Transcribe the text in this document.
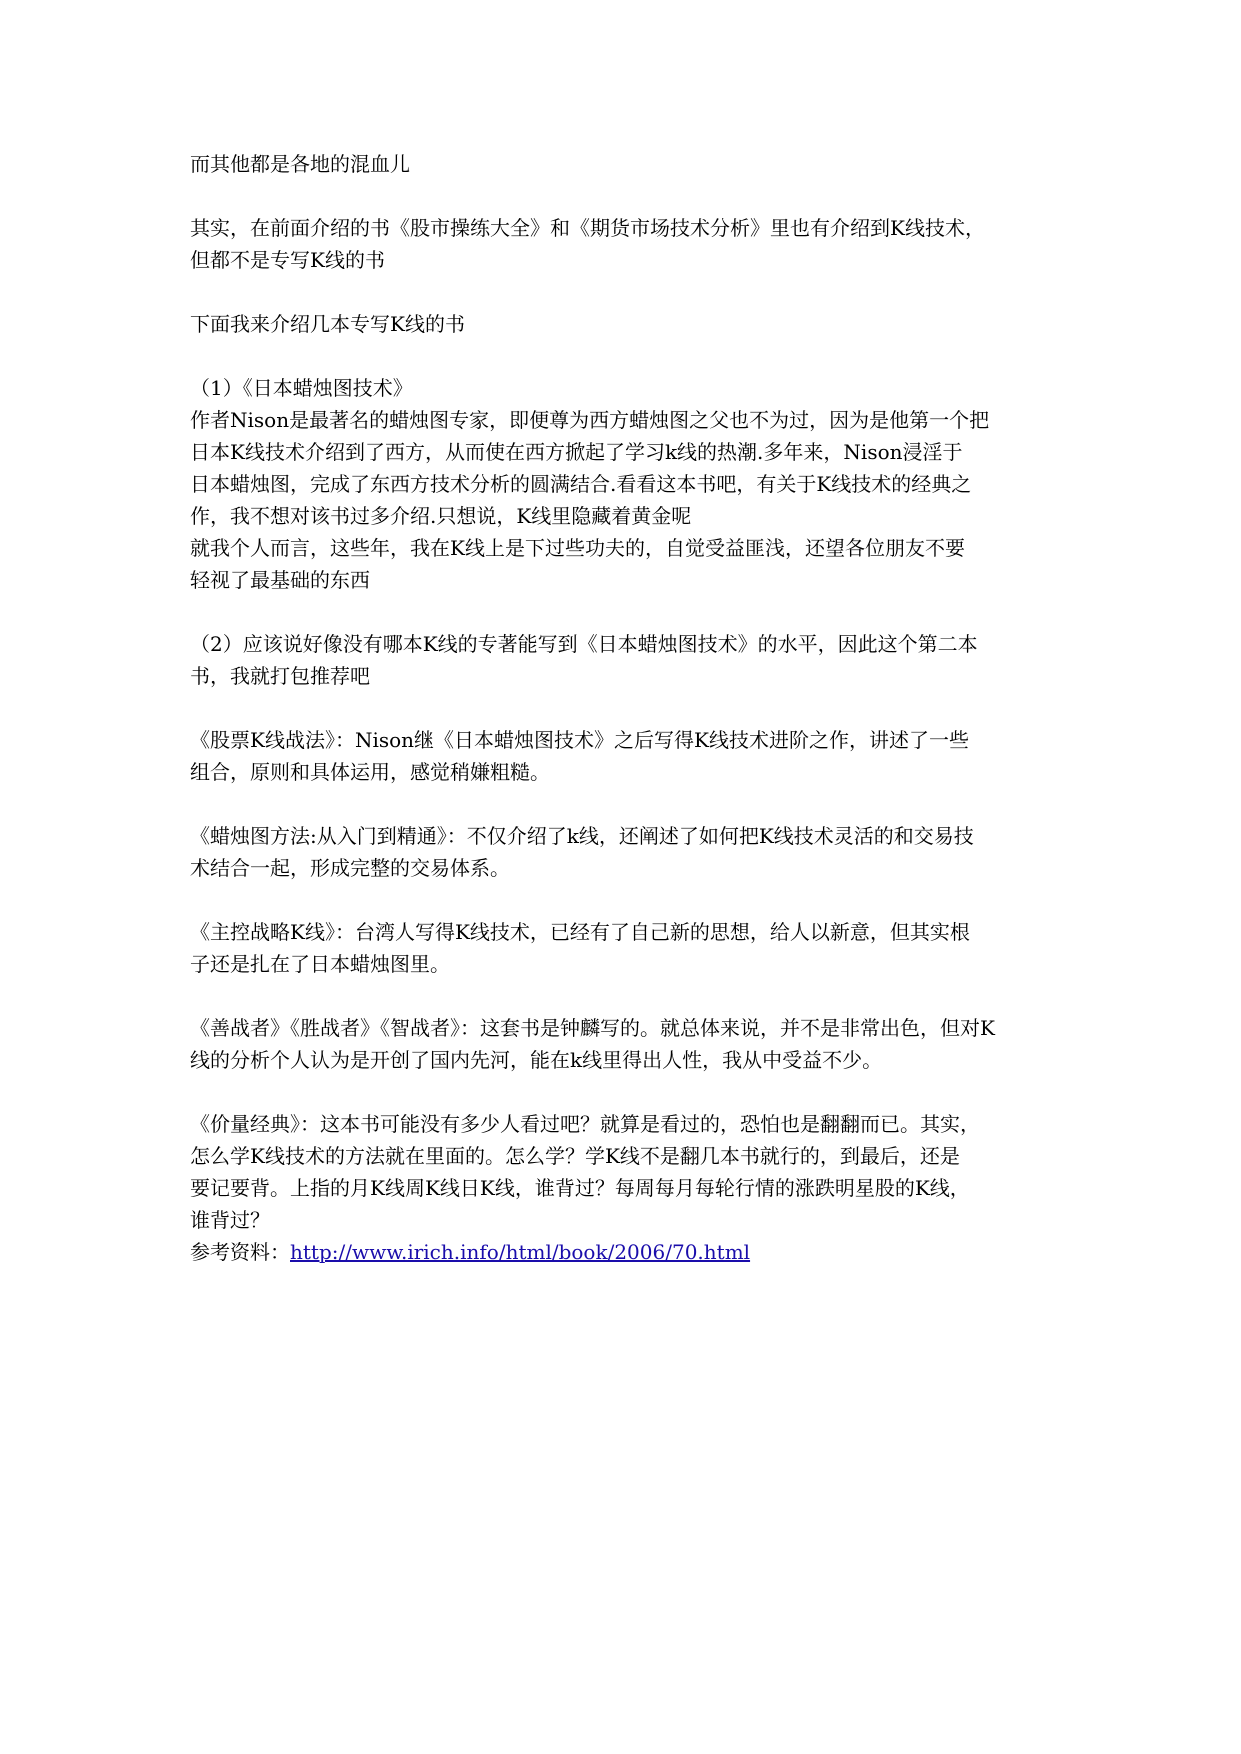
而其他都是各地的混血儿

其实，在前面介绍的书《股市操练大全》和《期货市场技术分析》里也有介绍到K线技术，
但都不是专写K线的书

下面我来介绍几本专写K线的书

（1）《日本蜡烛图技术》
作者Nison是最著名的蜡烛图专家，即便尊为西方蜡烛图之父也不为过，因为是他第一个把
日本K线技术介绍到了西方，从而使在西方掀起了学习k线的热潮.多年来，Nison浸淫于
日本蜡烛图，完成了东西方技术分析的圆满结合.看看这本书吧，有关于K线技术的经典之
作，我不想对该书过多介绍.只想说，K线里隐藏着黄金呢
就我个人而言，这些年，我在K线上是下过些功夫的，自觉受益匪浅，还望各位朋友不要
轻视了最基础的东西

（2）应该说好像没有哪本K线的专著能写到《日本蜡烛图技术》的水平，因此这个第二本
书，我就打包推荐吧

《股票K线战法》：Nison继《日本蜡烛图技术》之后写得K线技术进阶之作，讲述了一些
组合，原则和具体运用，感觉稍嫌粗糙。

《蜡烛图方法:从入门到精通》：不仅介绍了k线，还阐述了如何把K线技术灵活的和交易技
术结合一起，形成完整的交易体系。

《主控战略K线》：台湾人写得K线技术，已经有了自己新的思想，给人以新意，但其实根
子还是扎在了日本蜡烛图里。

《善战者》《胜战者》《智战者》：这套书是钟麟写的。就总体来说，并不是非常出色，但对K
线的分析个人认为是开创了国内先河，能在k线里得出人性，我从中受益不少。

《价量经典》：这本书可能没有多少人看过吧？就算是看过的，恐怕也是翻翻而已。其实，
怎么学K线技术的方法就在里面的。怎么学？学K线不是翻几本书就行的，到最后，还是
要记要背。上指的月K线周K线日K线，谁背过？每周每月每轮行情的涨跌明星股的K线，
谁背过？
参考资料：http://www.irich.info/html/book/2006/70.html
